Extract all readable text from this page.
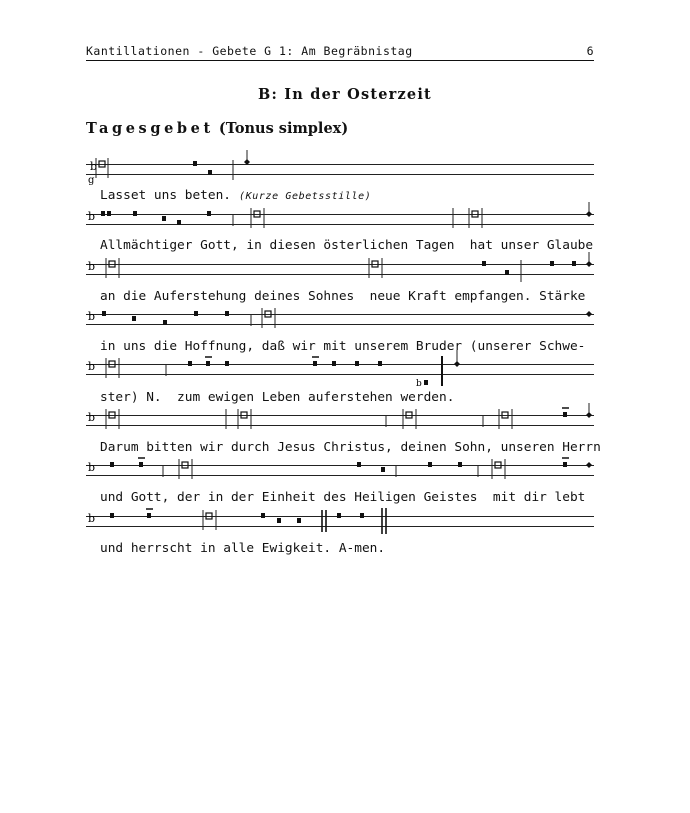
Kantillationen - Gebete G 1: Am Begräbnistag	6
B: In der Osterzeit
Tagesgebet (Tonus simplex)
b
g
Lasset uns beten. (Kurze Gebetsstille)
b
Allmächtiger Gott, in diesen österlichen Tagen  hat unser Glaube
b
an die Auferstehung deines Sohnes  neue Kraft empfangen. Stärke
b
in uns die Hoffnung, daß wir mit unserem Bruder (unserer Schwe-
b
b
ster) N.  zum ewigen Leben auferstehen werden.
b
Darum bitten wir durch Jesus Christus, deinen Sohn, unseren Herrn
b
und Gott, der in der Einheit des Heiligen Geistes  mit dir lebt
b
und herrscht in alle Ewigkeit. A-men.
